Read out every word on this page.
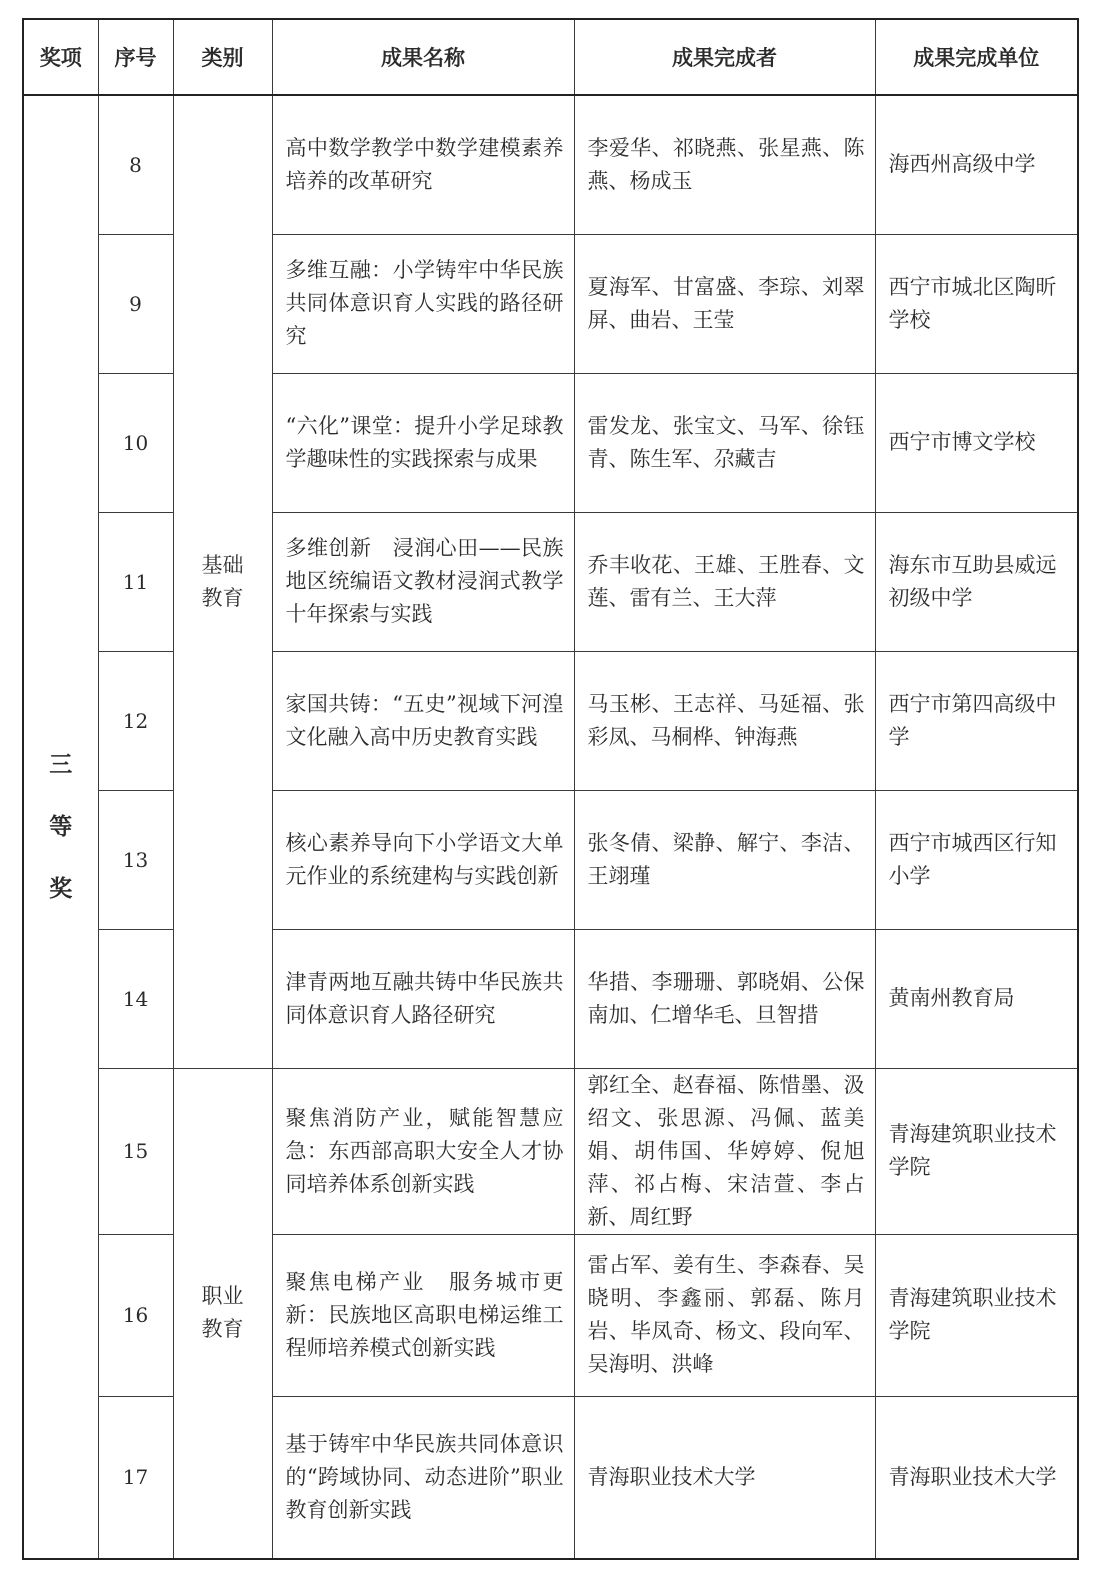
奖项	序号	类别	成果名称	成果完成者	成果完成单位

三
等
奖	8	基础教育	高中数学教学中数学建模素养培养的改革研究	李爱华、祁晓燕、张星燕、陈燕、杨成玉	海西州高级中学
	9		多维互融：小学铸牢中华民族共同体意识育人实践的路径研究	夏海军、甘富盛、李琮、刘翠屏、曲岩、王莹	西宁市城北区陶昕学校
	10		“六化”课堂：提升小学足球教学趣味性的实践探索与成果	雷发龙、张宝文、马军、徐钰青、陈生军、尕藏吉	西宁市博文学校
	11		多维创新　浸润心田——民族地区统编语文教材浸润式教学十年探索与实践	乔丰收花、王雄、王胜春、文莲、雷有兰、王大萍	海东市互助县威远初级中学
	12		家国共铸：“五史”视域下河湟文化融入高中历史教育实践	马玉彬、王志祥、马延福、张彩凤、马桐桦、钟海燕	西宁市第四高级中学
	13		核心素养导向下小学语文大单元作业的系统建构与实践创新	张冬倩、梁静、解宁、李洁、王翊瑾	西宁市城西区行知小学
	14		津青两地互融共铸中华民族共同体意识育人路径研究	华措、李珊珊、郭晓娟、公保南加、仁增华毛、旦智措	黄南州教育局
	15	职业教育	聚焦消防产业，赋能智慧应急：东西部高职大安全人才协同培养体系创新实践	郭红全、赵春福、陈惜墨、汲绍文、张思源、冯佩、蓝美娟、胡伟国、华婷婷、倪旭萍、祁占梅、宋洁萱、李占新、周红野	青海建筑职业技术学院
	16		聚焦电梯产业　服务城市更新：民族地区高职电梯运维工程师培养模式创新实践	雷占军、姜有生、李森春、吴晓明、李鑫丽、郭磊、陈月岩、毕凤奇、杨文、段向军、吴海明、洪峰	青海建筑职业技术学院
	17		基于铸牢中华民族共同体意识的“跨域协同、动态进阶”职业教育创新实践	青海职业技术大学	青海职业技术大学
